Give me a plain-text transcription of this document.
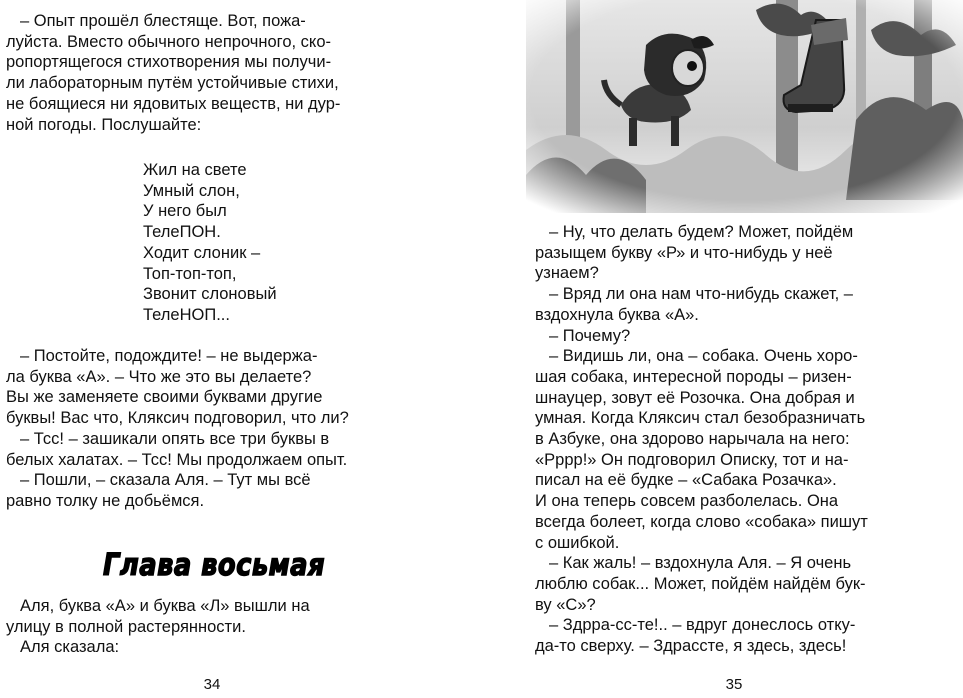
– Опыт прошёл блестяще. Вот, пожа-
луйста. Вместо обычного непрочного, ско-
ропортящегося стихотворения мы получи-
ли лабораторным путём устойчивые стихи,
не боящиеся ни ядовитых веществ, ни дур-
ной погоды. Послушайте:

Жил на свете
Умный слон,
У него был
ТелеПОН.
Ходит слоник –
Топ-топ-топ,
Звонит слоновый
ТелеНОП...

– Постойте, подождите! – не выдержа-
ла буква «А». – Что же это вы делаете?
Вы же заменяете своими буквами другие
буквы! Вас что, Кляксич подговорил, что ли?

– Тсс! – зашикали опять все три буквы в
белых халатах. – Тсс! Мы продолжаем опыт.

– Пошли, – сказала Аля. – Тут мы всё
равно толку не добьёмся.

Глава восьмая

Аля, буква «А» и буква «Л» вышли на
улицу в полной растерянности.

Аля сказала:

34

– Ну, что делать будем? Может, пойдём
разыщем букву «Р» и что-нибудь у неё
узнаем?

– Вряд ли она нам что-нибудь скажет, –
вздохнула буква «А».

– Почему?

– Видишь ли, она – собака. Очень хоро-
шая собака, интересной породы – ризен-
шнауцер, зовут её Розочка. Она добрая и
умная. Когда Кляксич стал безобразничать
в Азбуке, она здорово нарычала на него:
«Рррр!» Он подговорил Описку, тот и на-
писал на её будке – «Сабака Розачка».
И она теперь совсем разболелась. Она
всегда болеет, когда слово «собака» пишут
с ошибкой.

– Как жаль! – вздохнула Аля. – Я очень
люблю собак... Может, пойдём найдём бук-
ву «С»?

– Здрра-сс-те!.. – вдруг донеслось отку-
да-то сверху. – Здрассте, я здесь, здесь!

35
